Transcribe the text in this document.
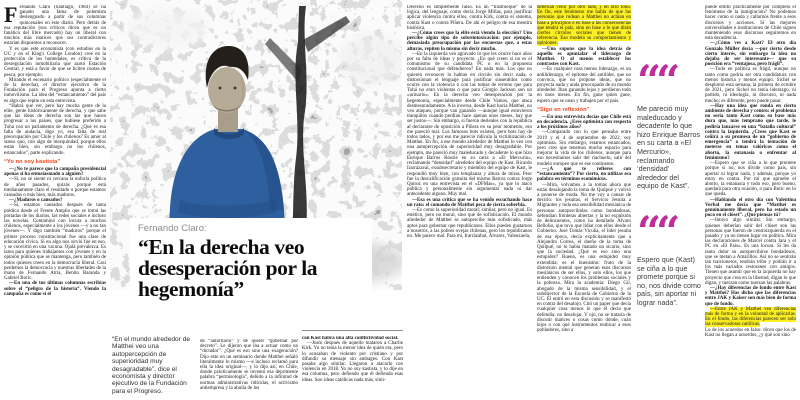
Fernando Claro (Santiago, 1984) se ha ganado una fama de polemista deslenguado a partir de sus columnas quincenales en este diario. Pero detrás de esa reputación (sus críticos dicen que es un fanático del libre mercado) hay un liberal con muchos más matices que sus contradictores estarían dispuestos a reconocer.

Y es que este economista (con estudios en la UC y en el King's College London) cree en la protección de los humedales, es crítico de la desregulación inmobiliaria que azotó Estación Central, y está a favor de que se liciten cuotas de pesca, por ejemplo.

Mirando el escenario político (especialmente el de la derecha), el director ejecutivo de la Fundación para el Progreso apunta a cierto inmovilismo. La idea del “estancamiento” del país es algo que repite en esta entrevista.

“Habrá que ver, pero hay mucha gente de la elite, gente históricamente de derecha, y que sabe que las ideas de derecha son las que hacen progresar a los países, que hubiese preferido a Tohá con un parlamento de derecha. ¿Qué es esa falta de audacia, digo yo, esa falta de real preocupación por Chile y los chilenos? Es amor al status quo, con algo de mezquindad, porque ellos están bien, sin embargo no los chilenos, estancados”, parte explicando.

“Yo no soy kastista”

—¿No te parece que la campaña presidencial apenas si ha entusiasmado a alguien?

—Sí, no se siente ni cercana la euforia política de años pasados, quizás porque está medianamente claro el resultado o porque estamos cansados o más bien, más maduros.

—¿Maduros o cansados?

—Sí, estamos cansados después de tanta prédica desde el Frente Amplio que se tomó las portadas de los diarios, las redes sociales e incluso las novelas. Contaminó con locura a muchos chilenos, especialmente a los jóvenes —y a no tan jóvenes—. Y digo también “maduros” porque el primer proceso constitucional fue una clase de educación cívica. Si en algo nos sirvió fue en eso, y se convirtió en una vacuna. Ojalá prevalezca. Es tarea para quienes trabajamos con jóvenes y en la opinión pública que se mantenga, pero también de todos quienes creen en la democracia liberal. Casi perdemos la democracia y nuestras libertades de la mano de Fernando Atria, Benito Baranda y Gabriel Boric.

—En una de tus últimas columnas escribías sobre el “peligro de la histeria”. Viendo la campaña es como si el

Fernando Claro:
“En la derecha veo desesperación por la hegemonía”
“En el mundo alrededor de Matthei veo una autopercepción de superioridad muy desagradable”, dice el economista y director ejecutivo de la Fundación para el Progreso.

de “autoritario” y de querer “gobernar por decreto”. Le dijeron que iba a actuar como un “dictador”. ¿Qué es eso sino una exageración? Dijo esto en un seminario donde Matthei señaló literalmente lo mismo —e incluso reclamó para ella la idea original—, y lo dijo así, en Chile, donde prácticamente se inventó esa deprimente palabra “permisología”, debido a la infinitud de normas administrativas ridículas, el activismo antiempresa y la abulia de los

con Kast habrá una alta conflictividad social.

—Justo después de aquello mataron a Charlie Kirk. Yo no tenía la menor idea de quién era, pero lo acusaban de violento por cristiano y por difundir su mensaje sin ambages. Con Kast pasaba algo similar. Llegaron a atacarlo con violencia en 2018. Yo no soy kastista, y lo dije en esa columna, pero defiendo que él defienda esas ideas. Son ideas católicas nada más, simi-

Derecho es simplemente falso. Es un “trastrueque” de la lógica, del lenguaje, como decía Jorge Millas, para justificar aplicar violencia contra ellos, contra Kirk, contra el sistema, contra Kast o contra Piñera. De ahí el peligro de esa mentira histórica.

—¿Cómo crees que la elite está viendo la elección? Uno percibe algún tipo de sobreintoxicación: por ejemplo, demasiada preocupación por las encuestas que, a estas alturas, repiten lo mismo sin decir mucho.

—En la izquierda veo agravado lo que les ocurre hace años por su falta de ideas y proyecto. ¿En qué creen si no es el comunismo de su candidata PC o en la propuesta constitucional que defendieron? En nada más. Los que no quieren reconocer lo hablan en círculo sin decir nada, o distorsionan el lenguaje para justificar sinsentidos como ocurre con la violencia o con las tomas de terreno que para Tohá no eran violentas o que para Giorgio Jackson son un «urinario». En la derecha veo desesperación por la hegemonía, especialmente desde Chile Vamos, que ataca desmesuradamente. A la inversa, desde Kast hacia Matthei, no veo ataques, porque van ganando —aunque igual estuvieron tranquilos cuando perdían hace apenas unos meses, hay que ser justos—. Sin embargo, si fueron desleales con la república al declararse de oposición a Piñera en su peor momento, eso me pareció mal. Los famosos bots existen, pero bots hay de todos lados, y por eso me pareció ridícula la victimización de Matthei. En fin, a ese mundo alrededor de Matthei lo veo con una autopercepción de superioridad muy desagradable. Por ejemplo, me pareció muy maleducado y decadente lo que hizo Enrique Barros Bourie en su carta a «El Mercurio», reclamando “densidad” alrededor del equipo de Kast. Ricardo Irarrázaval, exsubsecretario y miembro del equipo de Kast, le respondió muy bien, con templanza y altura de miras. Peor fue la descalificación gratuita del mismo Barros contra Jorge Quiroz en una entrevista en el «DFMas», ya que lo atacó pública y personalmente sin argumentar nada ni dar antecedente alguno. Muy mal.

—Esa es una crítica que se ha venido escuchando hace un rato: el comando de Matthei peca de cierta soberbia.

—Es como la superioridad moral; similar, pero no igual. Es estético, pero no moral, sino que de sofisticación. El mundo alrededor de Matthei se autopercibe más sofisticado, más aptos para gobernar que republicanos. Ellos pueden gustarnos a nosotros, a las pobres ovejas chilenas, pero los republicanos no. Me parece mal. Para mí, Irarrázabal, Álvarez, Valenzuela,

deberían venir por otro lado, y en otro tono. En fin, este fenómeno me habla de que las personas que rodean a Matthei no actúan en base a principios o en base a las consecuencias que tendrá el país, sino en base a lo que dirán ciertos círculos sociales que tienen de referencia. Eso modela su comportamiento y opiniones.

—Uno supone que la idea detrás de aquello es apuntalar el liderazgo de Matthei. O al menos establecer los contrastes con Kast.

—Es cualquier cosa menos liderazgo, es un antiliderazgo, el epítome del antilíder, que no convoca, que no propone ideas, que no proyecta nada y anda preocupado de su mundo alrededor. Iban ganando lejos y perdieron todo en unos meses. En fin, gane quien gane, espero que se unan y trabajen por el país.

“Sigo en reflexión”

—En una entrevista decías que Chile está en decadencia. ¿Eres optimista con respecto a los próximos años?

—Comparado con lo que pensaba entre 2019 y el 4 de septiembre de 2022, soy optimista. Sin embargo, estamos estancados, pero creo que tenemos mucho espacio para mejorar la vida de los chilenos, aunque para eso necesitamos salir del riachuelo, salir del modelo europeo que es ese continente.

—¿A qué te refieres con “estancamiento”? Por cierto, no utilizas esa palabra en términos económicos.

—Mira, volvamos a la tomas ahora que están desalojando la toma de Quilpué y volvió a ponerse de moda. No me voy a cansar de decirlo: los jesuitas, el Servicio Jesuita a Migrantes y toda esa sensibilidad mesiánica de personas autopercibidas como bondadosas, defendían fronteras abiertas y la no expulsión de delincuentes, como ha detallado Álvaro Bellolio, que tuvo que lidiar con ellos desde el Gobierno. José Tomás Vicuña, el líder jesuita de esa época, decía explícitamente que a Alejandro Correa, el dueño de la toma de Quilpué, no lo había matado un sicario, sino que la sociedad. ¿Qué es eso sino una estupidez? Bueno, es una estupidez muy extendida; es el buenismo: fruto de la distorsión mental que generan esos discursos mesiánicos de ser ellos, y solo ellos, los que entienden y conocen los problemas sociales y la pobreza. Mira la academia: Diego Gil, abogado de la misma sensibilidad, y el subdirector de la Escuela de Gobierno de la UC. Él entró en esta discusión y se manifestó en contra del desalojo. Citó un paper que decía cualquier cosa menos lo que él decía que defendía: no desalojar. Y ojo, no se trataría de discutir matices o cosas como dónde, cuán lejos o con qué instrumentos reubicar a esos pobladores, sino a

““
Me pareció muy maleducado y decadente lo que hizo Enrique Barros en su carta a «El Mercurio», reclamando ‘densidad’ alrededor del equipo de Kast”.
““
Espero que (Kast) se ciña a lo que promete porque si no, nos divide como país, sin aportar ni lograr nada”.

puede omitir prácticamente por completo el fenómeno de la inmigración? No podemos hacer como si nada y callarnos frente a esos discursos y acciones. Si las mejores universidades e instituciones de Chile siguen manteniendo esos discursos seguiremos en esta decadencia.

—¿Cómo ves a Kast? El otro día Gonzalo Müller decía —por cierto desde cierto interés, sin embargo la idea no dejaba de ser interesante— que su posición era “ventajosa, pero frágil”.

—Todo en política es frágil, aunque no tanto como podría ser otra candidatura con menos historia y menos equipo. Sichel se desplomó esta semana, la primera de octubre de 2021, pero Sichel no tenía liderazgo, ni partido, ni ideología, ni discurso, ni nada mucho; es diferente, pero puede pasar.

—Hay una idea que ronda en cierto ambiente de derecha y centro: el problema no sería tanto Kast como su base más dura que, más temprano que tarde, le pediría lanzarse en una “batalla cultural” contra la izquierda. ¿Crees que Kast se ceñirá a su promesa de un “gobierno de emergencia” o tendrá la tentación de meterse en temas valóricos como el aborto, la eutanasia o enfrentar al feminismo?

—Espero que se ciña a lo que promete porque si no, nos divide como país, sin aportar ni lograr nada, y además, porque yo estoy en contra. Por mí que apruebe el aborto, la eutanasia y todo eso, pero bueno, quedará para otra ocasión, o para Boric en lo que queda.

—Hablando el otro día con Valentina Verbal me decía que “Matthei es genuinamente liberal, pero ha estado un poco en el clóset”. ¿Qué piensas tú?

—Intuyo algo similar. Sin embargo, quienes deberían salir del clóset son las personas que fueron de centroizquierda en el pasado y ya no tienen lugar en política. Mira las declaraciones de Marcel contra Jara y el PC en «El País». Es una locura. Si les da tanto dolor su autopercibirse bondadosos, que se metan a Amarillos. Así no se sentirán tan traicioneros, tendrán tribu y podrán ir a los más variados restoranes con amigos. Tienen que asumir que en la izquierda no hay proyecto que crea en la libertad, digan lo que digan, y tuerzan como tuerzan las palabras.

—¿Hay diferencias de fondo entre Kast y Matthei? Has dicho que las diferencias entre JAK y Kaiser son más bien de forma que de fondo.

—Entre JAK y Matthei veo diferencias más de forma y en la voluntad de aplicarlas. En el fondo, las diferencias parecen ser solo las conservadoras católicas.

Lo de los acuerdos en falso: dicen que los de Kast no llegan a acuerdos, ¿y qué son sino
